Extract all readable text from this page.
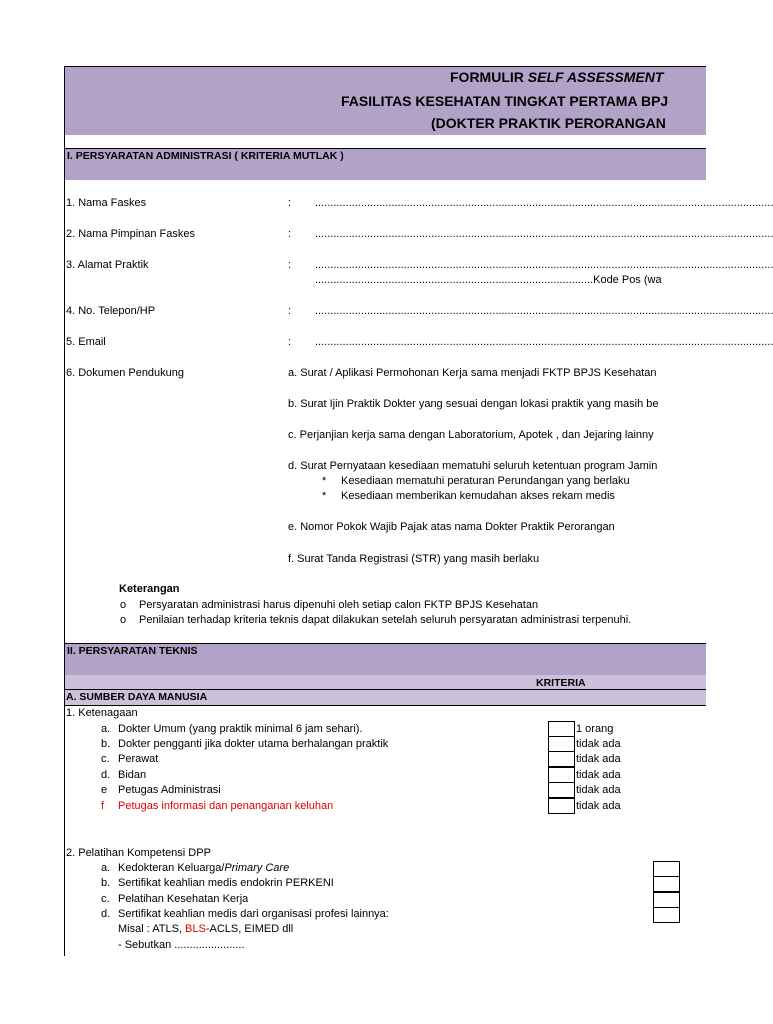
FORMULIR SELF ASSESSMENT
FASILITAS KESEHATAN TINGKAT PERTAMA BPJ
(DOKTER PRAKTIK PERORANGAN
I. PERSYARATAN ADMINISTRASI ( KRITERIA MUTLAK )
1. Nama Faskes	: ......................................................................................................................................................
2. Nama Pimpinan Faskes	: ......................................................................................................................................................
3. Alamat Praktik	: ......................................................................................................................................................
...........................................................................................Kode Pos (wa
4. No. Telepon/HP	: ......................................................................................................................................................
5. Email	: ......................................................................................................................................................
6. Dokumen Pendukung	a. Surat / Aplikasi Permohonan Kerja sama menjadi FKTP BPJS Kesehatan
b. Surat Ijin Praktik Dokter yang sesuai dengan lokasi praktik yang masih be
c. Perjanjian kerja sama dengan Laboratorium, Apotek , dan Jejaring lainny
d. Surat Pernyataan kesediaan mematuhi seluruh ketentuan program Jamin
* Kesediaan mematuhi peraturan Perundangan yang berlaku
* Kesediaan memberikan kemudahan akses rekam medis
e. Nomor Pokok Wajib Pajak atas nama Dokter Praktik Perorangan
f. Surat Tanda Registrasi (STR) yang masih berlaku
Keterangan
o Persyaratan administrasi harus dipenuhi oleh setiap calon FKTP BPJS Kesehatan
o Penilaian terhadap kriteria teknis dapat dilakukan setelah seluruh persyaratan administrasi terpenuhi.
II. PERSYARATAN TEKNIS
KRITERIA
A. SUMBER DAYA MANUSIA
1. Ketenagaan
a. Dokter Umum (yang praktik minimal 6 jam sehari).	1 orang
b. Dokter pengganti jika dokter utama berhalangan praktik	tidak ada
c. Perawat	tidak ada
d. Bidan	tidak ada
e Petugas Administrasi	tidak ada
f Petugas informasi dan penanganan keluhan	tidak ada
2. Pelatihan Kompetensi DPP
a. Kedokteran Keluarga/Primary Care
b. Sertifikat keahlian medis endokrin PERKENI
c. Pelatihan Kesehatan Kerja
d. Sertifikat keahlian medis dari organisasi profesi lainnya:
Misal : ATLS, BLS-ACLS, EIMED dll
- Sebutkan .......................
